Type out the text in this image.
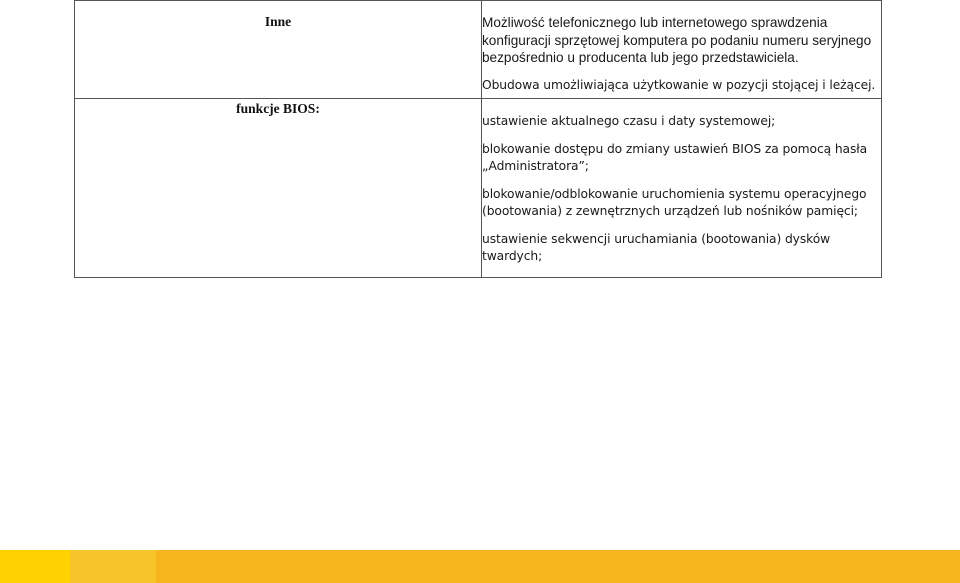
Inne	Możliwość telefonicznego lub internetowego sprawdzenia konfiguracji sprzętowej komputera po podaniu numeru seryjnego bezpośrednio u producenta lub jego przedstawiciela.

Obudowa umożliwiająca użytkowanie w pozycji stojącej i leżącej.

funkcje BIOS:	ustawienie aktualnego czasu i daty systemowej;

blokowanie dostępu do zmiany ustawień BIOS za pomocą hasła „Administratora”;

blokowanie/odblokowanie uruchomienia systemu operacyjnego (bootowania) z zewnętrznych urządzeń lub nośników pamięci;

ustawienie sekwencji uruchamiania (bootowania) dysków twardych;
